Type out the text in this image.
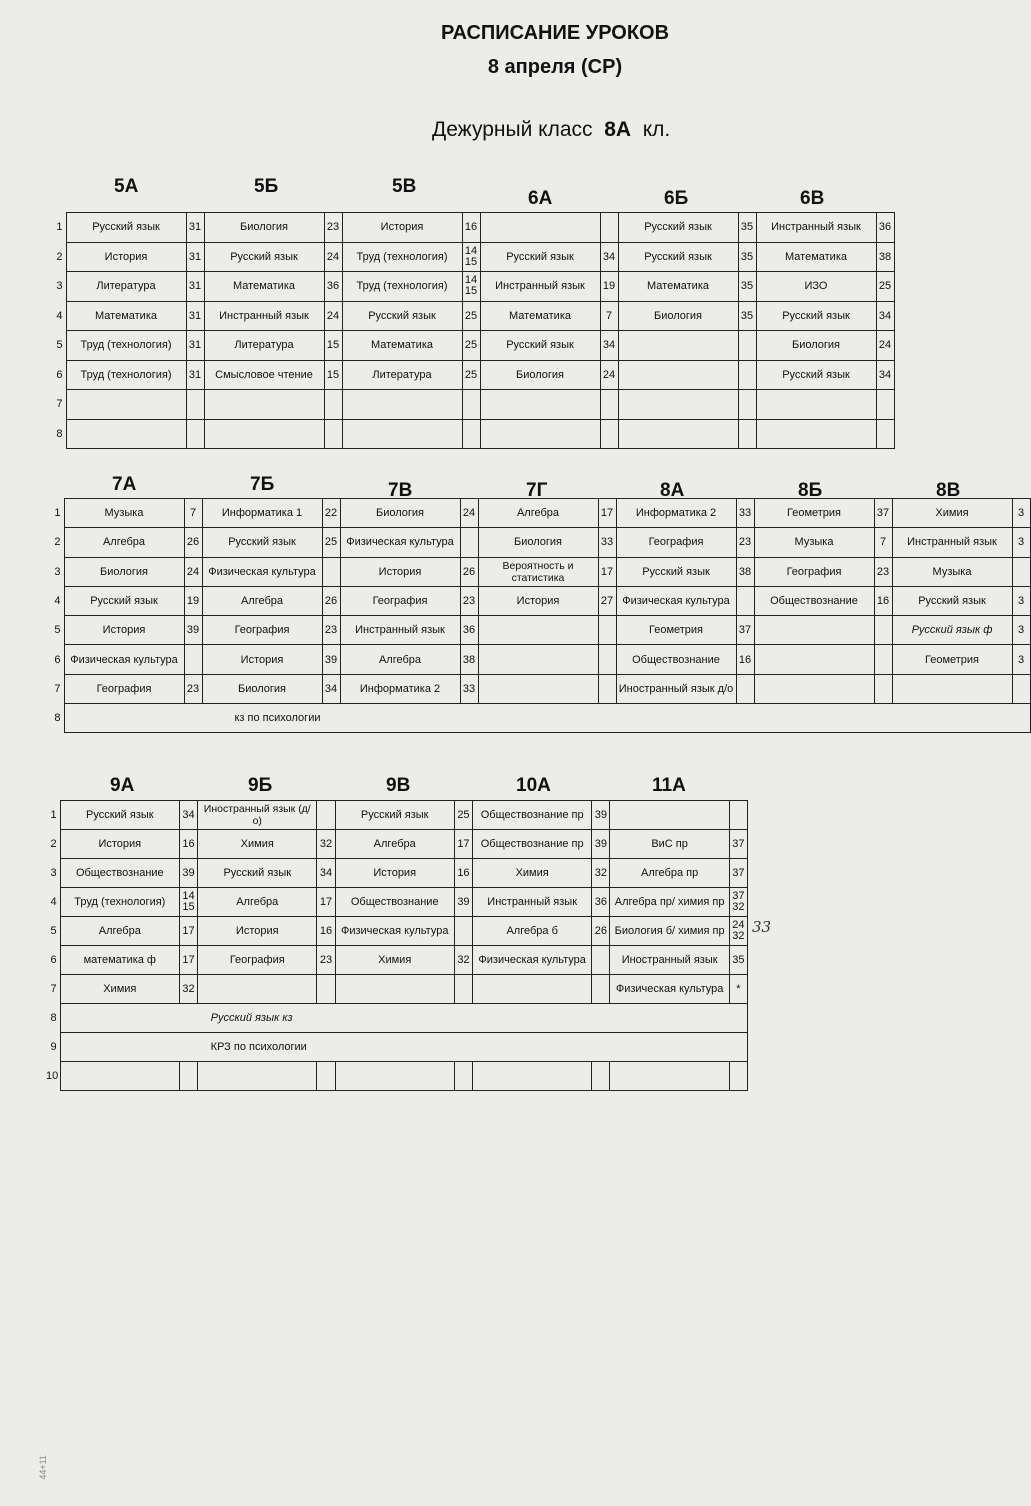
РАСПИСАНИЕ УРОКОВ
8 апреля (СР)
Дежурный класс 8А кл.
5А	5Б	5В
6А	6Б	6В
7А	7Б	7В	7Г	8А	8Б	8В
9А	9Б	9В	10А	11А
1	Русский язык	31	Биология	23	История	16			Русский язык	35	Инстранный язык	36
2	История	31	Русский язык	24	Труд (технология)	14 15	Русский язык	34	Русский язык	35	Математика	38
3	Литература	31	Математика	36	Труд (технология)	14 15	Инстранный язык	19	Математика	35	ИЗО	25
4	Математика	31	Инстранный язык	24	Русский язык	25	Математика	7	Биология	35	Русский язык	34
5	Труд (технология)	31	Литература	15	Математика	25	Русский язык	34			Биология	24
6	Труд (технология)	31	Смысловое чтение	15	Литература	25	Биология	24			Русский язык	34
7												
8												
1	Музыка	7	Информатика 1	22	Биология	24	Алгебра	17	Информатика 2	33	Геометрия	37	Химия	3
2	Алгебра	26	Русский язык	25	Физическая культура		Биология	33	География	23	Музыка	7	Инстранный язык	3
3	Биология	24	Физическая культура		История	26	Вероятность и статистика	17	Русский язык	38	География	23	Музыка	
4	Русский язык	19	Алгебра	26	География	23	История	27	Физическая культура		Обществознание	16	Русский язык	3
5	История	39	География	23	Инстранный язык	36			Геометрия	37			Русский язык ф	3
6	Физическая культура		История	39	Алгебра	38			Обществознание	16			Геометрия	3
7	География	23	Биология	34	Информатика 2	33			Иностранный язык д/о					
8	кз по психологии													
1	Русский язык	34	Иностранный язык (д/о)		Русский язык	25	Обществознание пр	39		
2	История	16	Химия	32	Алгебра	17	Обществознание пр	39	ВиС пр	37
3	Обществознание	39	Русский язык	34	История	16	Химия	32	Алгебра пр	37
4	Труд (технология)	14 15	Алгебра	17	Обществознание	39	Инстранный язык	36	Алгебра пр/ химия пр	37 32
5	Алгебра	17	История	16	Физическая культура		Алгебра б	26	Биология б/ химия пр	24 32
6	математика ф	17	География	23	Химия	32	Физическая культура		Иностранный язык	35
7	Химия	32							Физическая культура	*
8	Русский язык кз									
9	КРЗ по психологии									
10										
33
44+11
